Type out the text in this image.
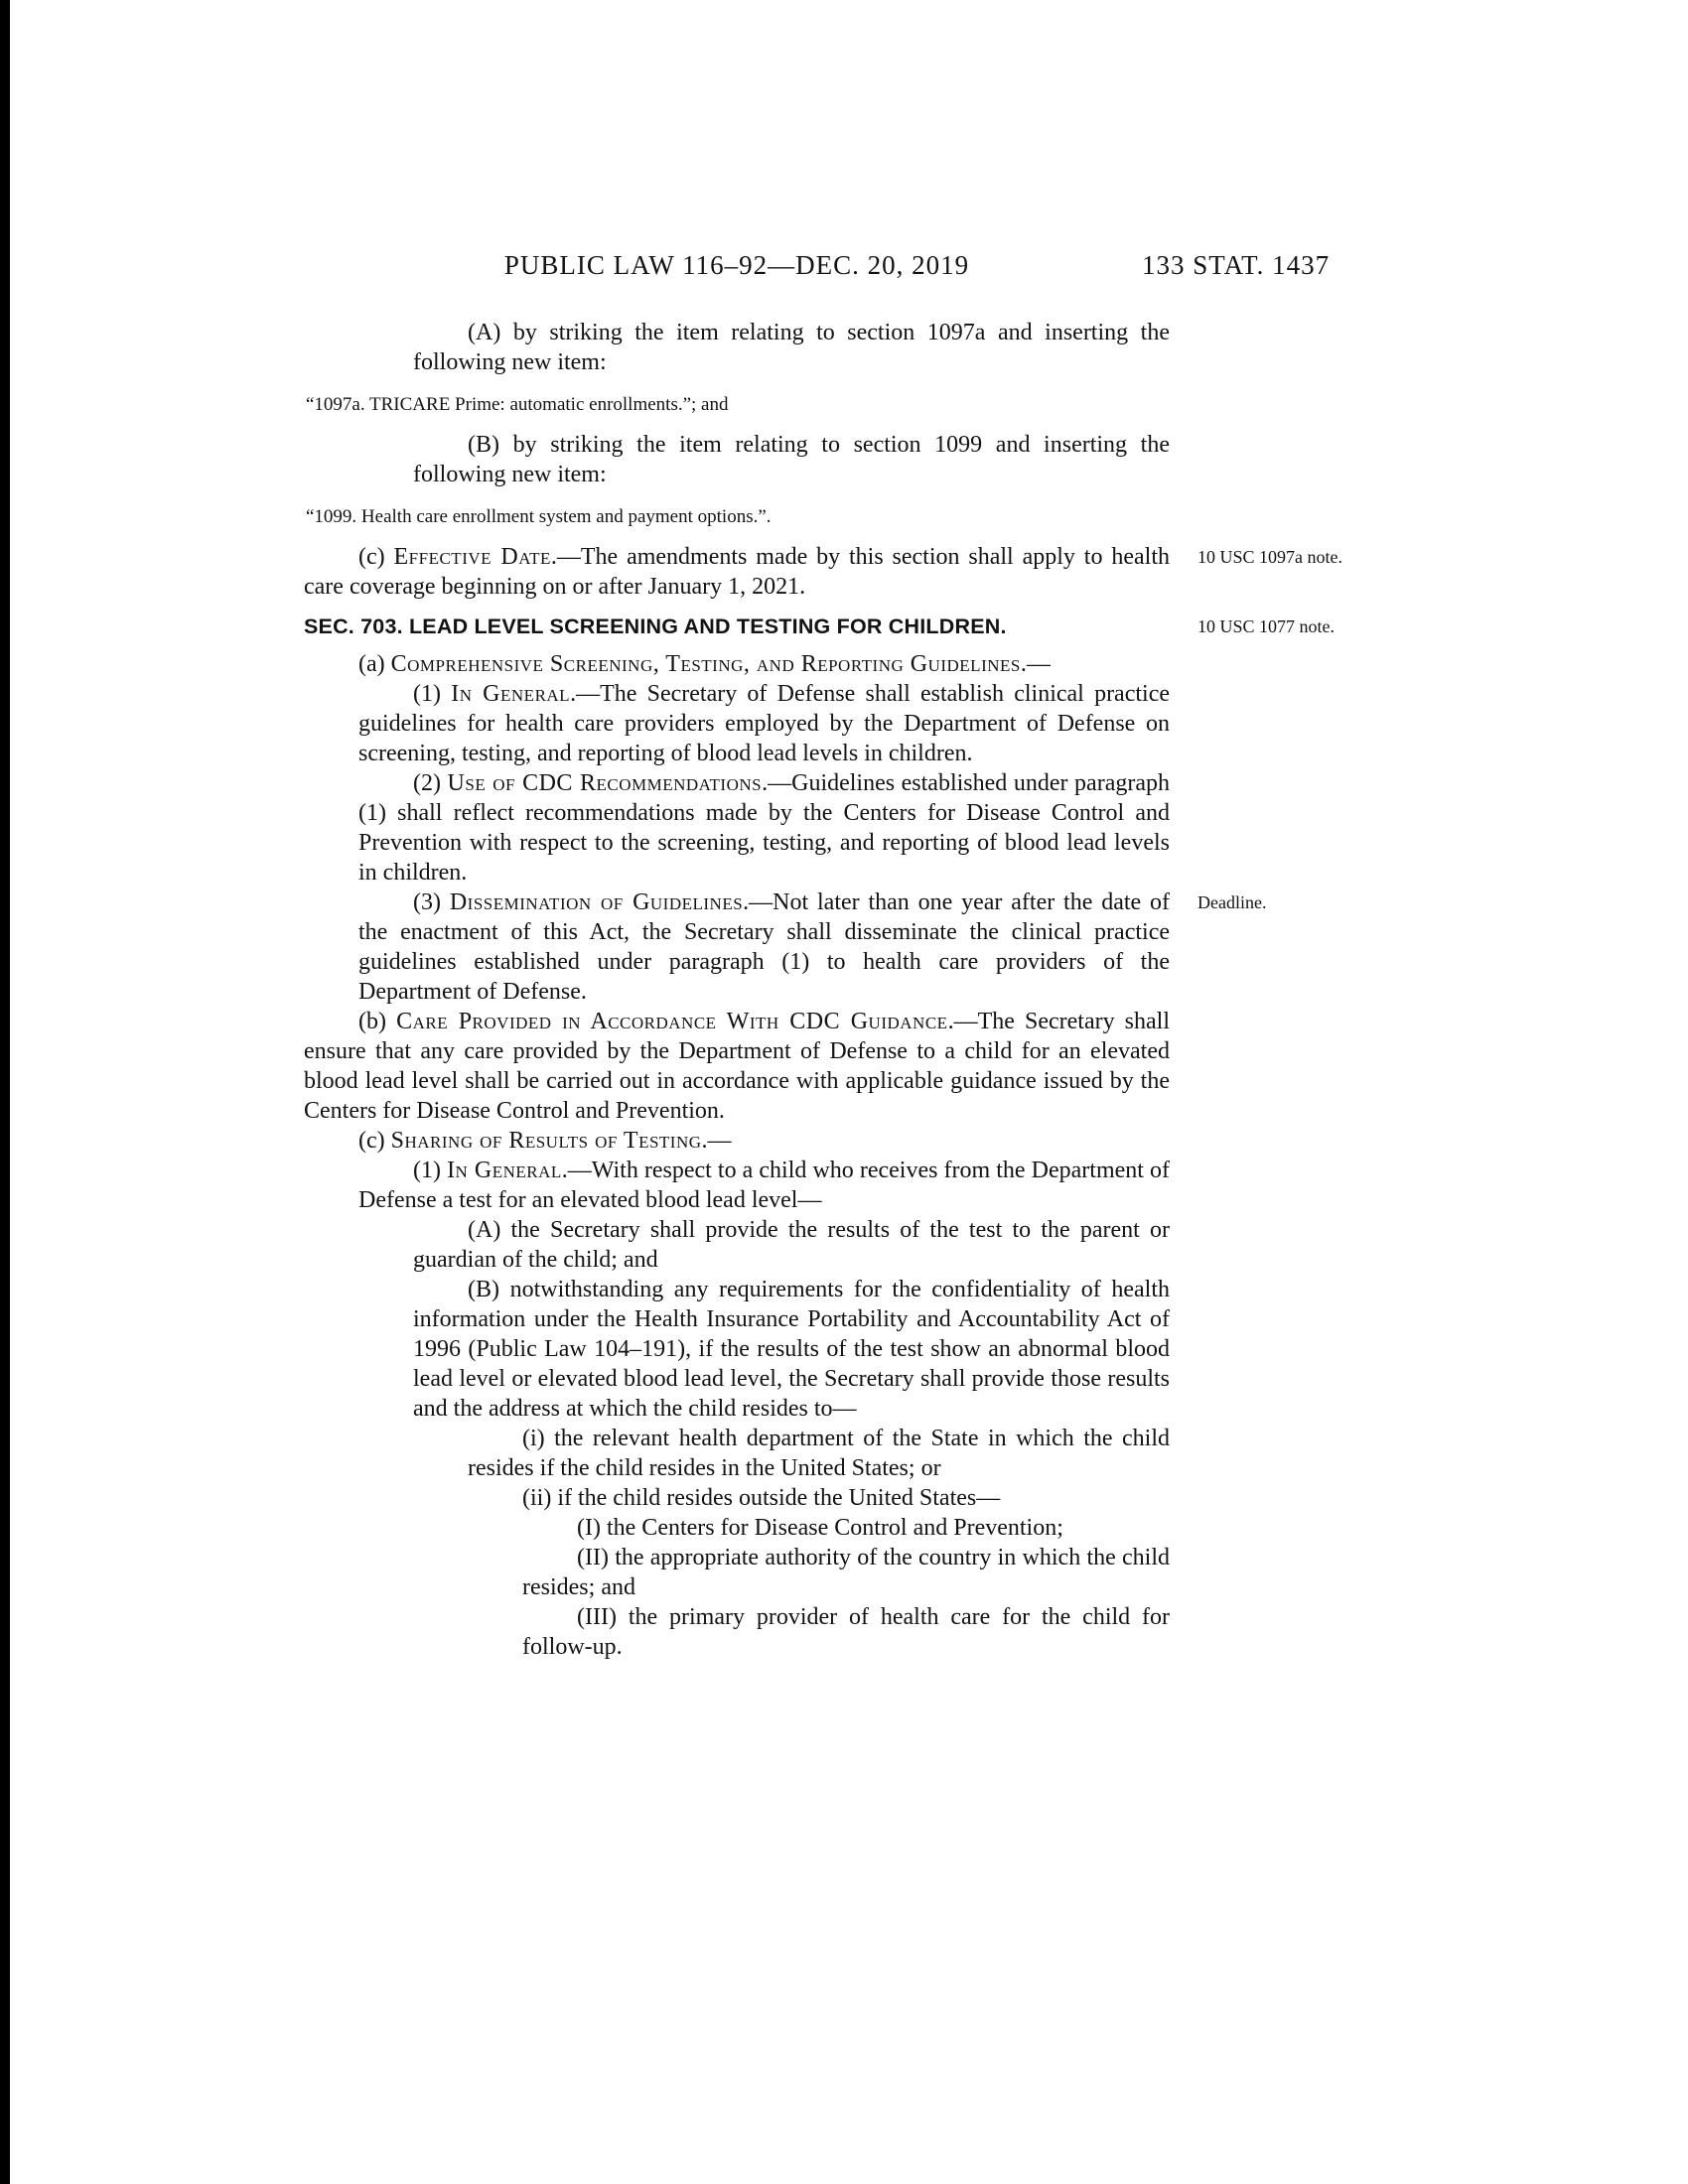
PUBLIC LAW 116–92—DEC. 20, 2019	133 STAT. 1437

(A) by striking the item relating to section 1097a and inserting the following new item:

“1097a. TRICARE Prime: automatic enrollments.”; and

(B) by striking the item relating to section 1099 and inserting the following new item:

“1099. Health care enrollment system and payment options.”.

(c) Effective Date.—The amendments made by this section shall apply to health care coverage beginning on or after January 1, 2021.
10 USC 1097a note.

SEC. 703. LEAD LEVEL SCREENING AND TESTING FOR CHILDREN.	10 USC 1077 note.

(a) Comprehensive Screening, Testing, and Reporting Guidelines.—

(1) In General.—The Secretary of Defense shall establish clinical practice guidelines for health care providers employed by the Department of Defense on screening, testing, and reporting of blood lead levels in children.

(2) Use of CDC Recommendations.—Guidelines established under paragraph (1) shall reflect recommendations made by the Centers for Disease Control and Prevention with respect to the screening, testing, and reporting of blood lead levels in children.

(3) Dissemination of Guidelines.—Not later than one year after the date of the enactment of this Act, the Secretary shall disseminate the clinical practice guidelines established under paragraph (1) to health care providers of the Department of Defense.
Deadline.

(b) Care Provided in Accordance With CDC Guidance.—The Secretary shall ensure that any care provided by the Department of Defense to a child for an elevated blood lead level shall be carried out in accordance with applicable guidance issued by the Centers for Disease Control and Prevention.

(c) Sharing of Results of Testing.—

(1) In General.—With respect to a child who receives from the Department of Defense a test for an elevated blood lead level—

(A) the Secretary shall provide the results of the test to the parent or guardian of the child; and

(B) notwithstanding any requirements for the confidentiality of health information under the Health Insurance Portability and Accountability Act of 1996 (Public Law 104–191), if the results of the test show an abnormal blood lead level or elevated blood lead level, the Secretary shall provide those results and the address at which the child resides to—

(i) the relevant health department of the State in which the child resides if the child resides in the United States; or

(ii) if the child resides outside the United States—

(I) the Centers for Disease Control and Prevention;

(II) the appropriate authority of the country in which the child resides; and

(III) the primary provider of health care for the child for follow-up.
